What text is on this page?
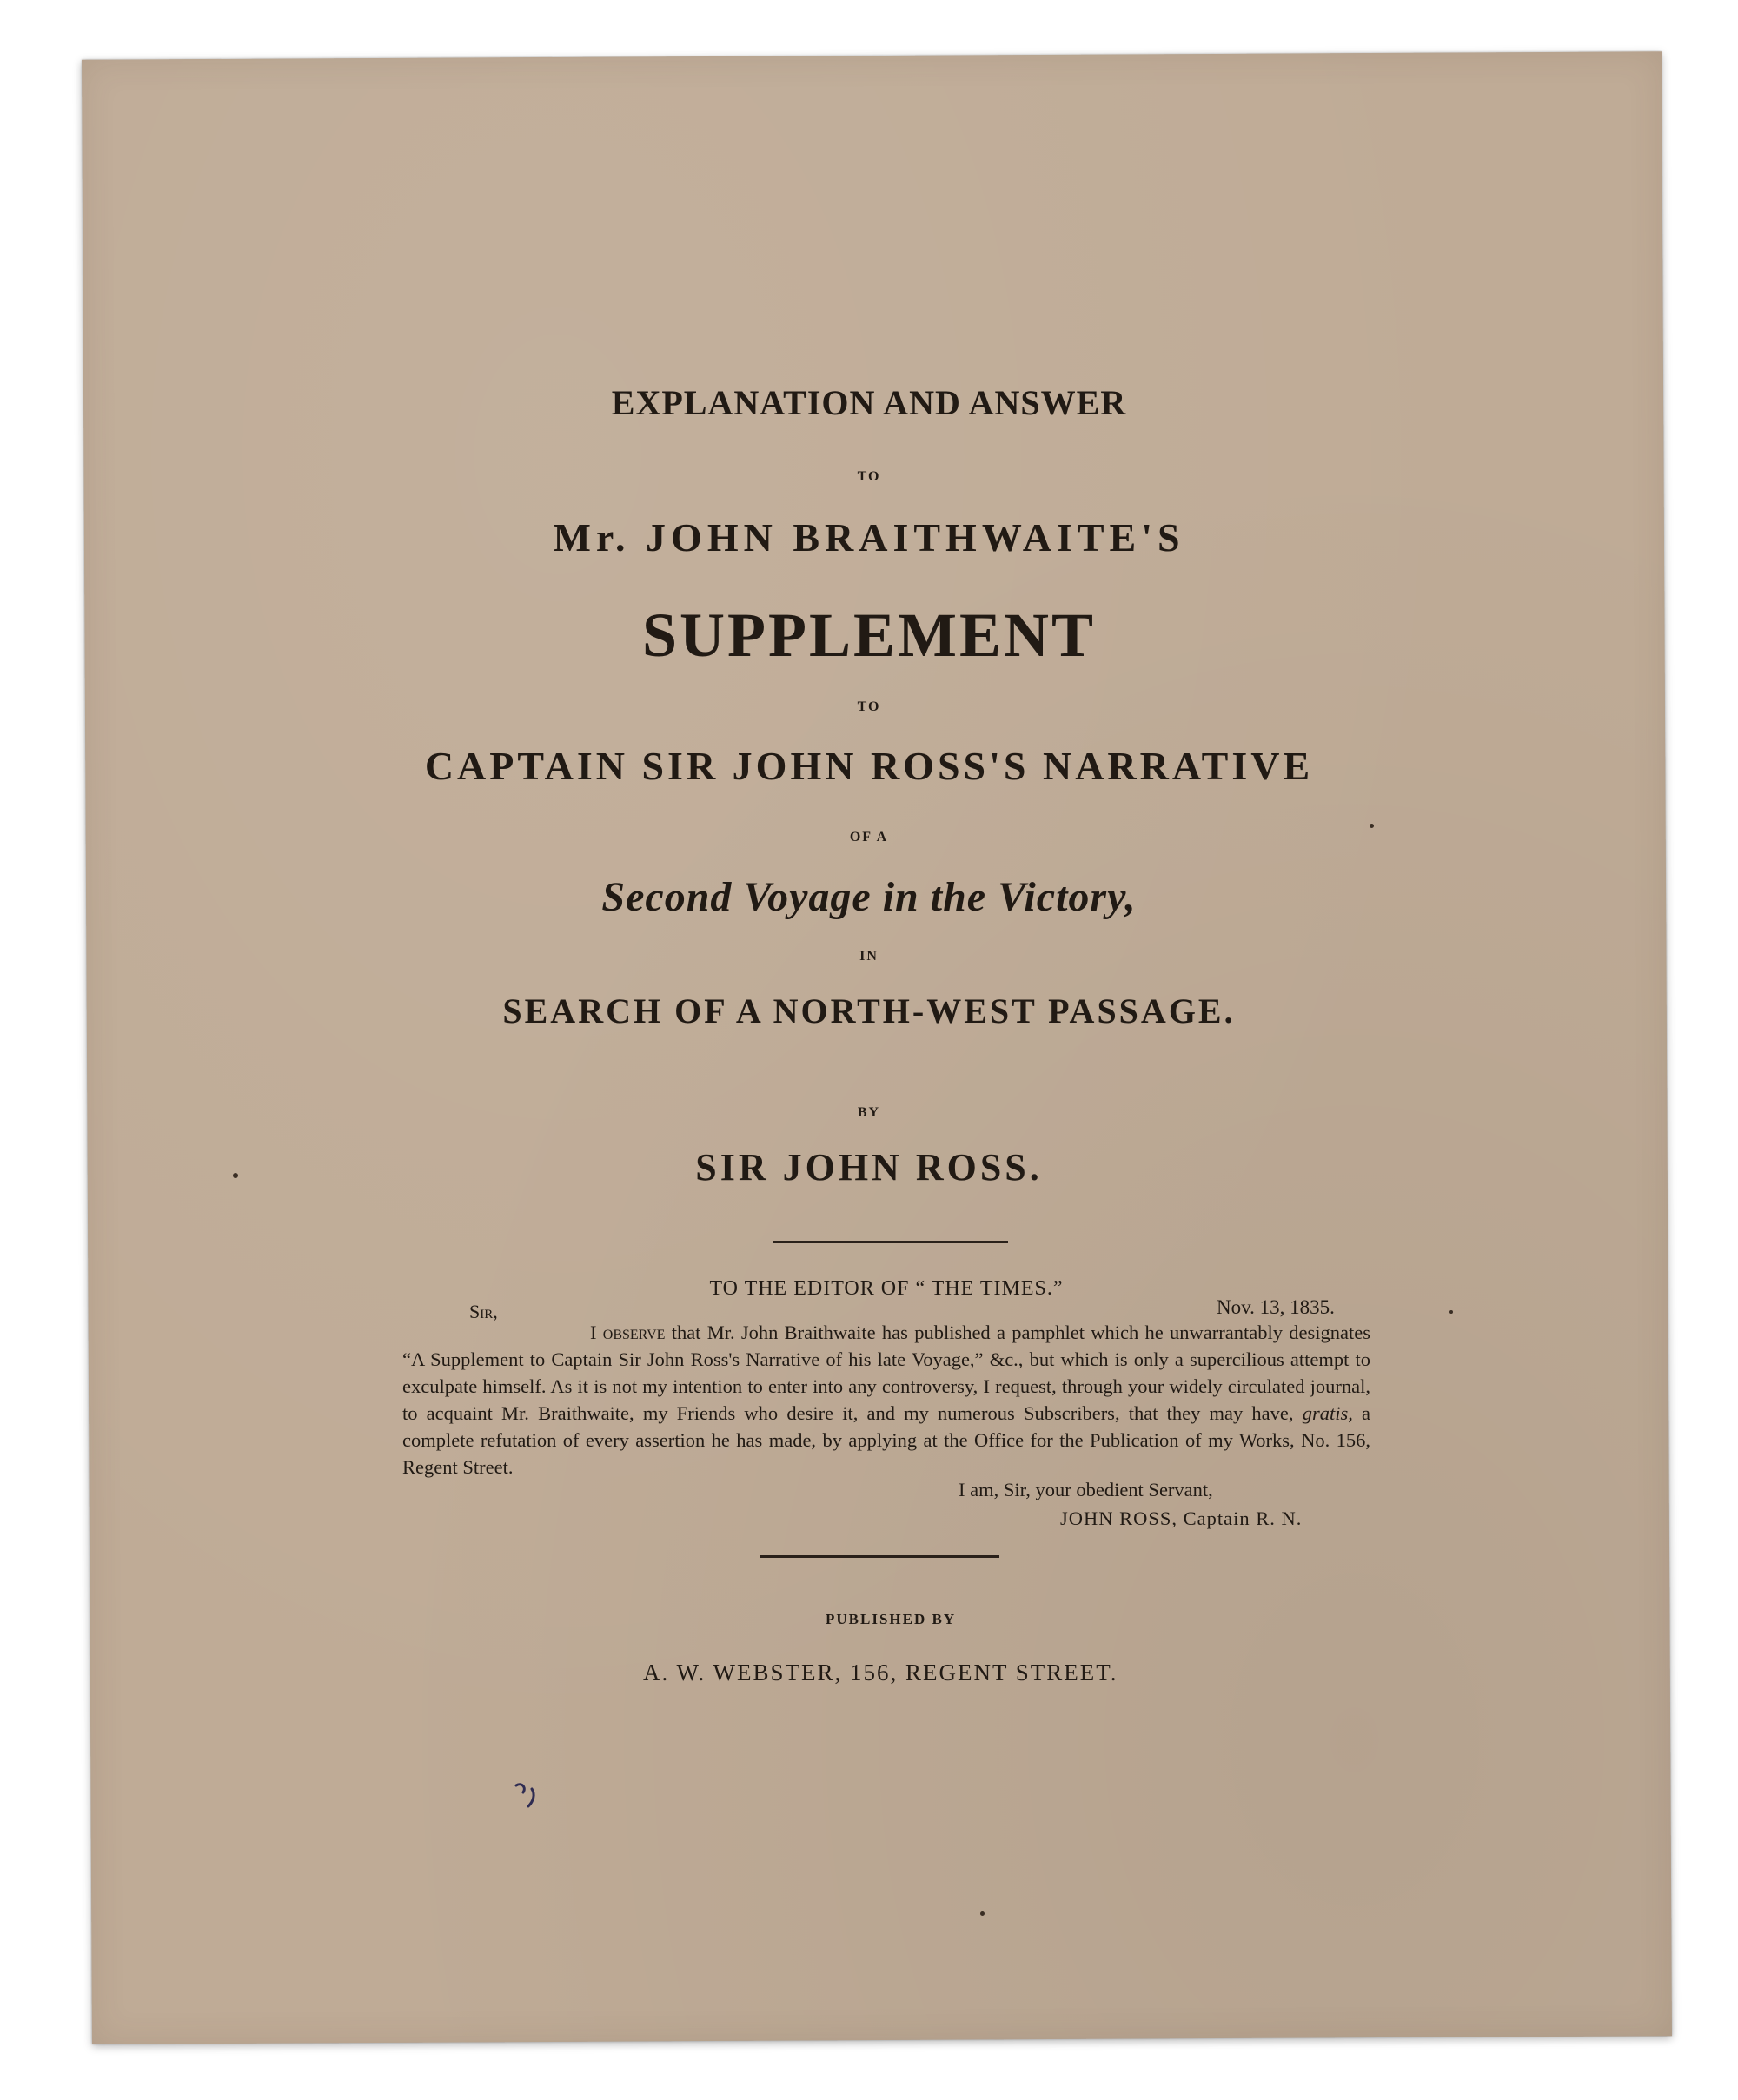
EXPLANATION AND ANSWER
TO
Mr. JOHN BRAITHWAITE'S
SUPPLEMENT
TO
CAPTAIN SIR JOHN ROSS'S NARRATIVE
OF A
Second Voyage in the Victory,
IN
SEARCH OF A NORTH-WEST PASSAGE.
BY
SIR JOHN ROSS.
TO THE EDITOR OF “ THE TIMES.”
Sir,	Nov. 13, 1835.
I observe that Mr. John Braithwaite has published a pamphlet which he unwarrantably designates “A Supplement to Captain Sir John Ross's Narrative of his late Voyage,” &c., but which is only a supercilious attempt to exculpate himself. As it is not my intention to enter into any controversy, I request, through your widely circulated journal, to acquaint Mr. Braithwaite, my Friends who desire it, and my numerous Subscribers, that they may have, gratis, a complete refutation of every assertion he has made, by applying at the Office for the Publication of my Works, No. 156, Regent Street.
I am, Sir, your obedient Servant,
JOHN ROSS, Captain R. N.
PUBLISHED BY
A. W. WEBSTER, 156, REGENT STREET.
